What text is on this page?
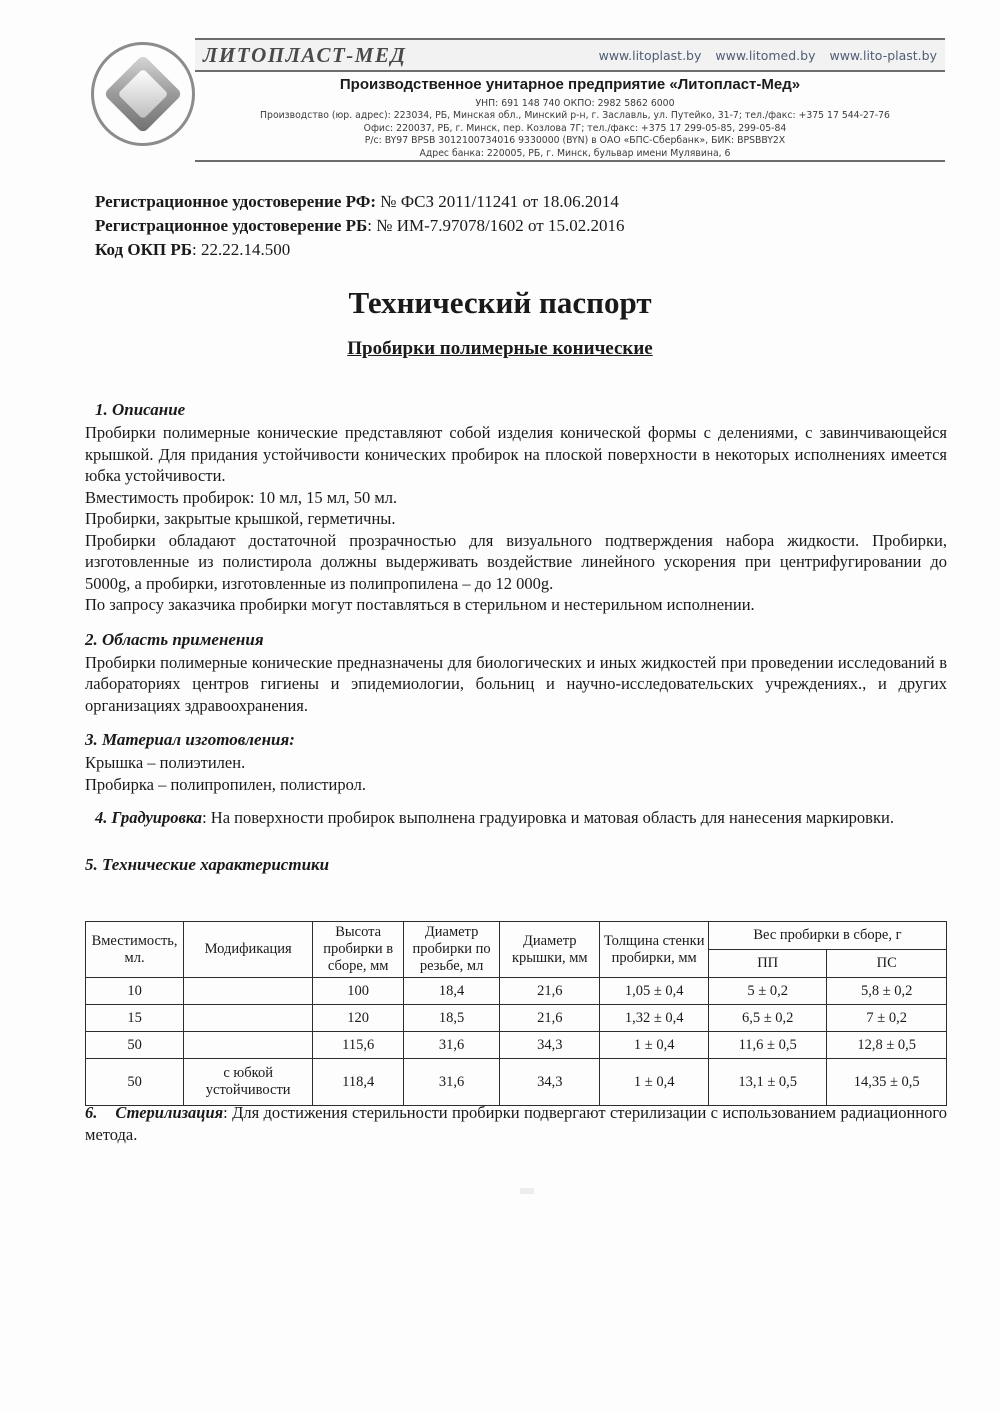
ЛИТОПЛАСТ-МЕД	www.litoplast.by www.litomed.by www.lito-plast.by
Производственное унитарное предприятие «Литопласт-Мед»
УНП: 691 148 740 ОКПО: 2982 5862 6000
Производство (юр. адрес): 223034, РБ, Минская обл., Минский р-н, г. Заславль, ул. Путейко, 31-7; тел./факс: +375 17 544-27-76
Офис: 220037, РБ, г. Минск, пер. Козлова 7Г; тел./факс: +375 17 299-05-85, 299-05-84
Р/с: BY97 BPSB 3012100734016 9330000 (BYN) в ОАО «БПС-Сбербанк», БИК: BPSBBY2X
Адрес банка: 220005, РБ, г. Минск, бульвар имени Мулявина, 6
Регистрационное удостоверение РФ: № ФСЗ 2011/11241 от 18.06.2014
Регистрационное удостоверение РБ: № ИМ-7.97078/1602 от 15.02.2016
Код ОКП РБ: 22.22.14.500
Технический паспорт
Пробирки полимерные конические
1. Описание

Пробирки полимерные конические представляют собой изделия конической формы с делениями, с завинчивающейся крышкой. Для придания устойчивости конических пробирок на плоской поверхности в некоторых исполнениях имеется юбка устойчивости.

Вместимость пробирок: 10 мл, 15 мл, 50 мл.

Пробирки, закрытые крышкой, герметичны.

Пробирки обладают достаточной прозрачностью для визуального подтверждения набора жидкости. Пробирки, изготовленные из полистирола должны выдерживать воздействие линейного ускорения при центрифугировании до 5000g, а пробирки, изготовленные из полипропилена – до 12 000g.

По запросу заказчика пробирки могут поставляться в стерильном и нестерильном исполнении.

2. Область применения

Пробирки полимерные конические предназначены для биологических и иных жидкостей при проведении исследований в лабораториях центров гигиены и эпидемиологии, больниц и научно-исследовательских учреждениях., и других организациях здравоохранения.

3. Материал изготовления:

Крышка – полиэтилен.

Пробирка – полипропилен, полистирол.

4. Градуировка: На поверхности пробирок выполнена градуировка и матовая область для нанесения маркировки.

5. Технические характеристики
Вместимость, мл.	Модификация	Высота пробирки в сборе, мм	Диаметр пробирки по резьбе, мл	Диаметр крышки, мм	Толщина стенки пробирки, мм	Вес пробирки в сборе, г	
						ПП	ПС
10		100	18,4	21,6	1,05 ± 0,4	5 ± 0,2	5,8 ± 0,2
15		120	18,5	21,6	1,32 ± 0,4	6,5 ± 0,2	7 ± 0,2
50		115,6	31,6	34,3	1 ± 0,4	11,6 ± 0,5	12,8 ± 0,5
50	с юбкой устойчивости	118,4	31,6	34,3	1 ± 0,4	13,1 ± 0,5	14,35 ± 0,5
6. Стерилизация: Для достижения стерильности пробирки подвергают стерилизации с использованием радиационного метода.
